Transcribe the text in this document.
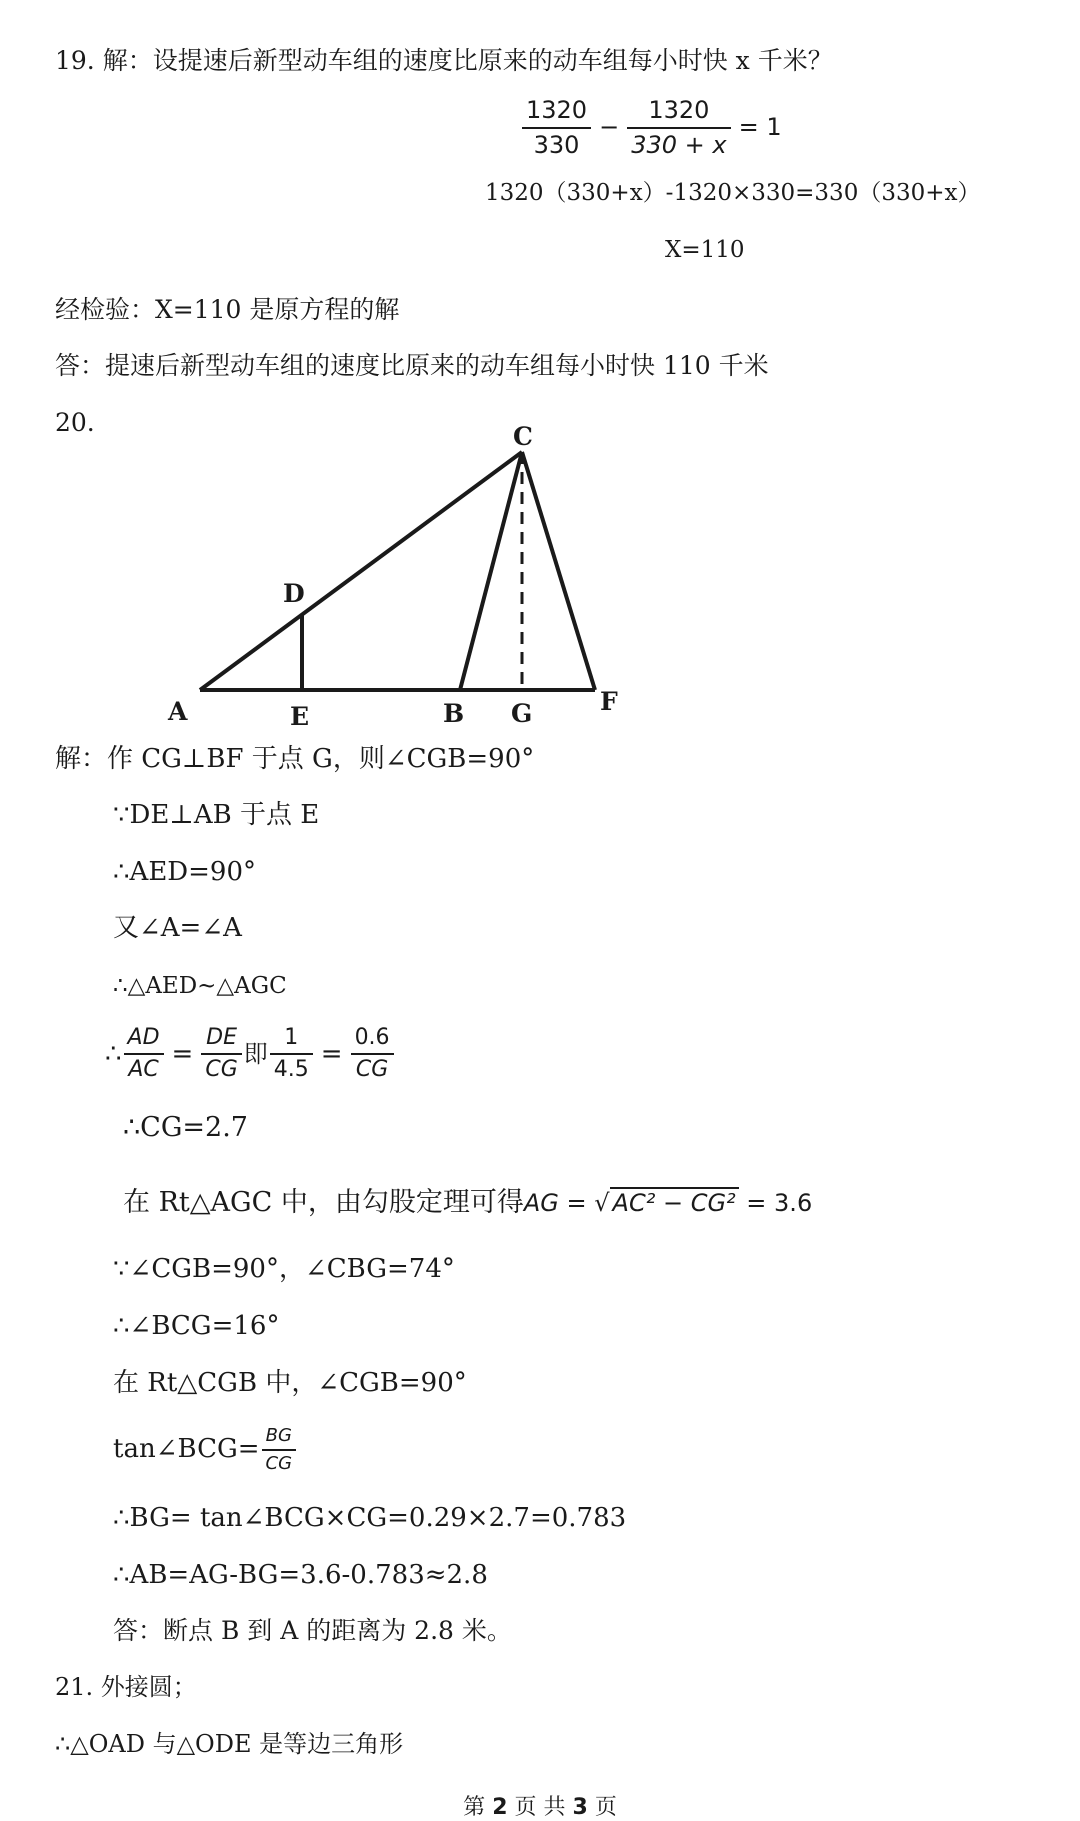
19. 解：设提速后新型动车组的速度比原来的动车组每小时快 x 千米？
$\frac{1320}{330} - \frac{1320}{330 + x} = 1$
1320（330+x）-1320×330=330（330+x）
X=110
经检验：X=110 是原方程的解
答：提速后新型动车组的速度比原来的动车组每小时快 110 千米
20.	C
D
A	E	B G	F
解：作 CG⊥BF 于点 G，则∠CGB=90°
∵DE⊥AB 于点 E
∴AED=90°
又∠A=∠A
∴△AED~△AGC
∴ $\frac{AD}{AC} = \frac{DE}{CG}$ 即 $\frac{1}{4.5} = \frac{0.6}{CG}$
∴CG=2.7
在 Rt△AGC 中，由勾股定理可得AG = √ AC² − CG² = 3.6
∵∠CGB=90°，∠CBG=74°
∴∠BCG=16°
在 Rt△CGB 中，∠CGB=90°
tan∠BCG= $\frac{BG}{CG}$
∴BG= tan∠BCG×CG=0.29×2.7=0.783
∴AB=AG-BG=3.6-0.783≈2.8
答：断点 B 到 A 的距离为 2.8 米。
21. 外接圆；
∴△OAD 与△ODE 是等边三角形
第 2 页 共 3 页
